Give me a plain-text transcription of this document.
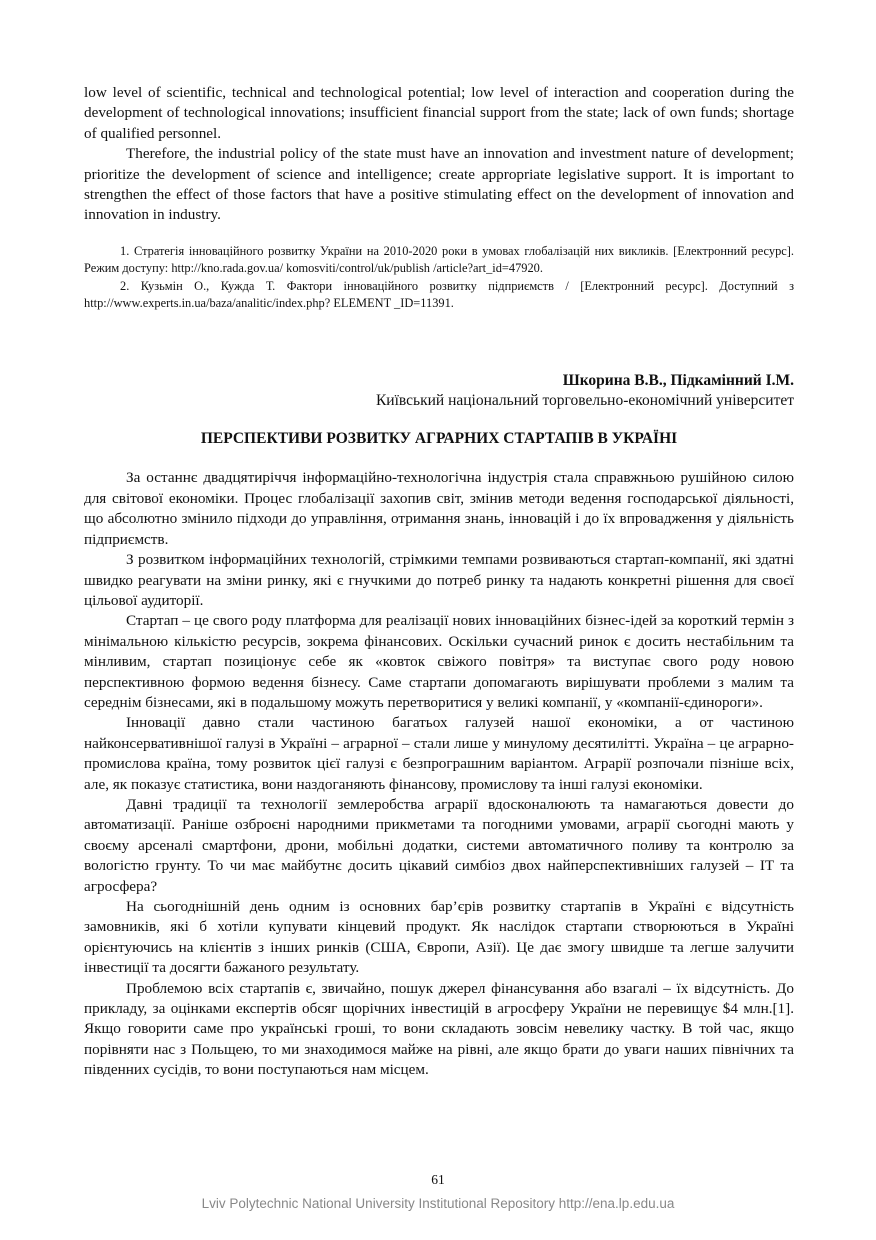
low level of scientific, technical and technological potential; low level of interaction and cooperation during the development of technological innovations; insufficient financial support from the state; lack of own funds; shortage of qualified personnel.

Therefore, the industrial policy of the state must have an innovation and investment nature of development; prioritize the development of science and intelligence; create appropriate legislative support. It is important to strengthen the effect of those factors that have a positive stimulating effect on the development of innovation and innovation in industry.

1. Стратегія інноваційного розвитку України на 2010-2020 роки в умовах глобалізацій них викликів. [Електронний ресурс]. Режим доступу: http://kno.rada.gov.ua/ komosviti/control/uk/publish /article?art_id=47920.

2. Кузьмін О., Кужда Т. Фактори інноваційного розвитку підприємств / [Електронний ресурс]. Доступний з http://www.experts.in.ua/baza/analitic/index.php? ELEMENT _ID=11391.

Шкорина В.В., Підкамінний І.М.
Київський національний торговельно-економічний університет
ПЕРСПЕКТИВИ РОЗВИТКУ АГРАРНИХ СТАРТАПІВ В УКРАЇНІ

За останнє двадцятиріччя інформаційно-технологічна індустрія стала справжньою рушійною силою для світової економіки. Процес глобалізації захопив світ, змінив методи ведення господарської діяльності, що абсолютно змінило підходи до управління, отримання знань, інновацій і до їх впровадження у діяльність підприємств.

З розвитком інформаційних технологій, стрімкими темпами розвиваються стартап-компанії, які здатні швидко реагувати на зміни ринку, які є гнучкими до потреб ринку та надають конкретні рішення для своєї цільової аудиторії.

Стартап – це свого роду платформа для реалізації нових інноваційних бізнес-ідей за короткий термін з мінімальною кількістю ресурсів, зокрема фінансових. Оскільки сучасний ринок є досить нестабільним та мінливим, стартап позиціонує себе як «ковток свіжого повітря» та виступає свого роду новою перспективною формою ведення бізнесу. Саме стартапи допомагають вирішувати проблеми з малим та середнім бізнесами, які в подальшому можуть перетворитися у великі компанії, у «компанії-єдинороги».

Інновації давно стали частиною багатьох галузей нашої економіки, а от частиною найконсервативнішої галузі в Україні – аграрної – стали лише у минулому десятилітті. Україна – це аграрно-промислова країна, тому розвиток цієї галузі є безпрограшним варіантом. Аграрії розпочали пізніше всіх, але, як показує статистика, вони наздоганяють фінансову, промислову та інші галузі економіки.

Давні традиції та технології землеробства аграрії вдосконалюють та намагаються довести до автоматизації. Раніше озброєні народними прикметами та погодними умовами, аграрії сьогодні мають у своєму арсеналі смартфони, дрони, мобільні додатки, системи автоматичного поливу та контролю за вологістю грунту. То чи має майбутнє досить цікавий симбіоз двох найперспективніших галузей – IT та агросфера?

На сьогоднішній день одним із основних бар’єрів розвитку стартапів в Україні є відсутність замовників, які б хотіли купувати кінцевий продукт. Як наслідок стартапи створюються в Україні орієнтуючись на клієнтів з інших ринків (США, Європи, Азії). Це дає змогу швидше та легше залучити інвестиції та досягти бажаного результату.

Проблемою всіх стартапів є, звичайно, пошук джерел фінансування або взагалі – їх відсутність. До прикладу, за оцінками експертів обсяг щорічних інвестицій в агросферу України не перевищує $4 млн.[1]. Якщо говорити саме про українські гроші, то вони складають зовсім невелику частку. В той час, якщо порівняти нас з Польщею, то ми знаходимося майже на рівні, але якщо брати до уваги наших північних та південних сусідів, то вони поступаються нам місцем.

61
Lviv Polytechnic National University Institutional Repository http://ena.lp.edu.ua
